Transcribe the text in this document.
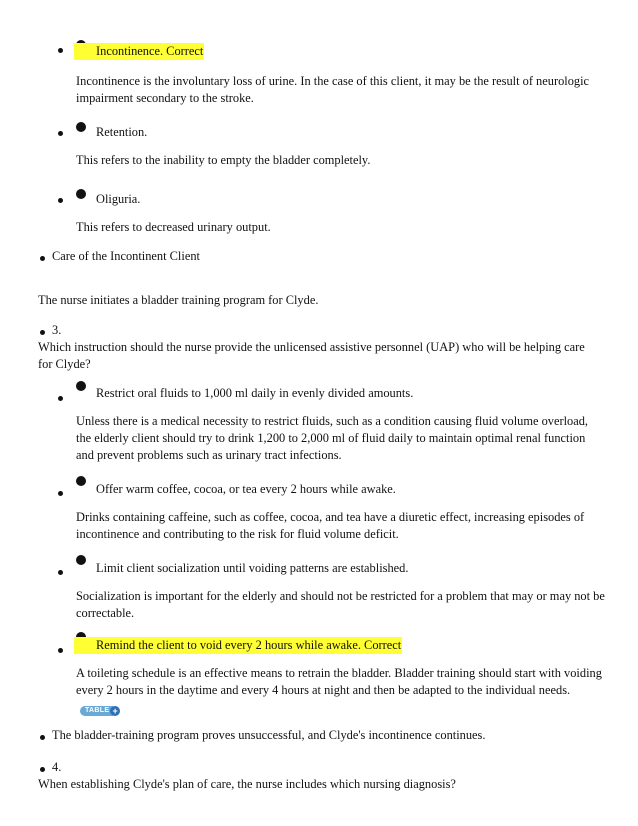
Incontinence. Correct
Incontinence is the involuntary loss of urine. In the case of this client, it may be the result of neurologic impairment secondary to the stroke.
Retention.
This refers to the inability to empty the bladder completely.
Oliguria.
This refers to decreased urinary output.
Care of the Incontinent Client
The nurse initiates a bladder training program for Clyde.
3.
Which instruction should the nurse provide the unlicensed assistive personnel (UAP) who will be helping care for Clyde?
Restrict oral fluids to 1,000 ml daily in evenly divided amounts.
Unless there is a medical necessity to restrict fluids, such as a condition causing fluid volume overload, the elderly client should try to drink 1,200 to 2,000 ml of fluid daily to maintain optimal renal function and prevent problems such as urinary tract infections.
Offer warm coffee, cocoa, or tea every 2 hours while awake.
Drinks containing caffeine, such as coffee, cocoa, and tea have a diuretic effect, increasing episodes of incontinence and contributing to the risk for fluid volume deficit.
Limit client socialization until voiding patterns are established.
Socialization is important for the elderly and should not be restricted for a problem that may or may not be correctable.
Remind the client to void every 2 hours while awake. Correct
A toileting schedule is an effective means to retrain the bladder. Bladder training should start with voiding every 2 hours in the daytime and every 4 hours at night and then be adapted to the individual needs.TABLE +
The bladder-training program proves unsuccessful, and Clyde's incontinence continues.
4.
When establishing Clyde's plan of care, the nurse includes which nursing diagnosis?
